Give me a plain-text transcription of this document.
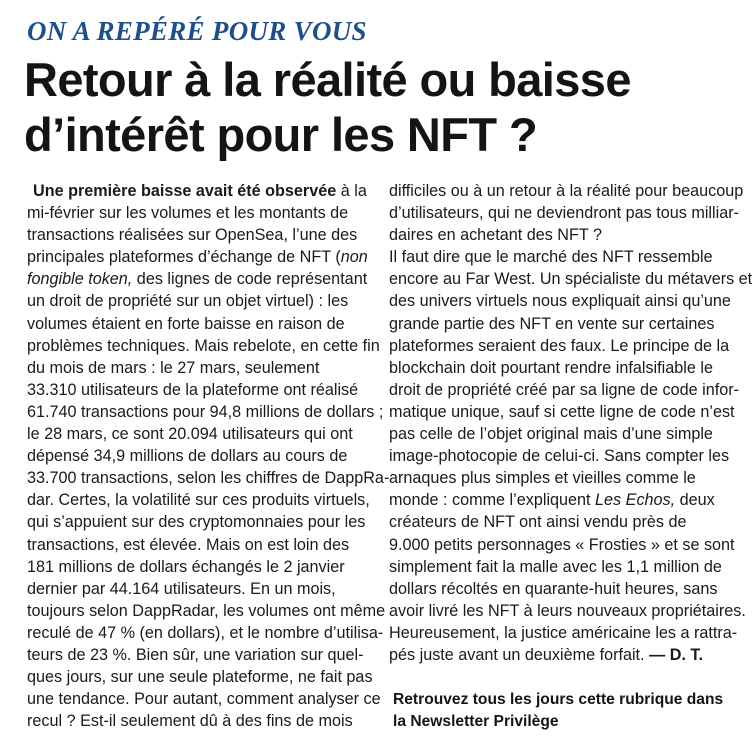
ON A REPÉRÉ POUR VOUS
Retour à la réalité ou baisse
d’intérêt pour les NFT ?
Une première baisse avait été observée à la
mi-février sur les volumes et les montants de
transactions réalisées sur OpenSea, l’une des
principales plateformes d’échange de NFT (non
fongible token, des lignes de code représentant
un droit de propriété sur un objet virtuel) : les
volumes étaient en forte baisse en raison de
problèmes techniques. Mais rebelote, en cette fin
du mois de mars : le 27 mars, seulement
33.310 utilisateurs de la plateforme ont réalisé
61.740 transactions pour 94,8 millions de dollars ;
le 28 mars, ce sont 20.094 utilisateurs qui ont
dépensé 34,9 millions de dollars au cours de
33.700 transactions, selon les chiffres de DappRa-
dar. Certes, la volatilité sur ces produits virtuels,
qui s’appuient sur des cryptomonnaies pour les
transactions, est élevée. Mais on est loin des
181 millions de dollars échangés le 2 janvier
dernier par 44.164 utilisateurs. En un mois,
toujours selon DappRadar, les volumes ont même
reculé de 47 % (en dollars), et le nombre d’utilisa-
teurs de 23 %. Bien sûr, une variation sur quel-
ques jours, sur une seule plateforme, ne fait pas
une tendance. Pour autant, comment analyser ce
recul ? Est-il seulement dû à des fins de mois
difficiles ou à un retour à la réalité pour beaucoup
d’utilisateurs, qui ne deviendront pas tous milliar-
daires en achetant des NFT ?
Il faut dire que le marché des NFT ressemble
encore au Far West. Un spécialiste du métavers et
des univers virtuels nous expliquait ainsi qu’une
grande partie des NFT en vente sur certaines
plateformes seraient des faux. Le principe de la
blockchain doit pourtant rendre infalsifiable le
droit de propriété créé par sa ligne de code infor-
matique unique, sauf si cette ligne de code n’est
pas celle de l’objet original mais d’une simple
image-photocopie de celui-ci. Sans compter les
arnaques plus simples et vieilles comme le
monde : comme l’expliquent Les Echos, deux
créateurs de NFT ont ainsi vendu près de
9.000 petits personnages « Frosties » et se sont
simplement fait la malle avec les 1,1 million de
dollars récoltés en quarante-huit heures, sans
avoir livré les NFT à leurs nouveaux propriétaires.
Heureusement, la justice américaine les a rattra-
pés juste avant un deuxième forfait. — D. T.
Retrouvez tous les jours cette rubrique dans
la Newsletter Privilège
